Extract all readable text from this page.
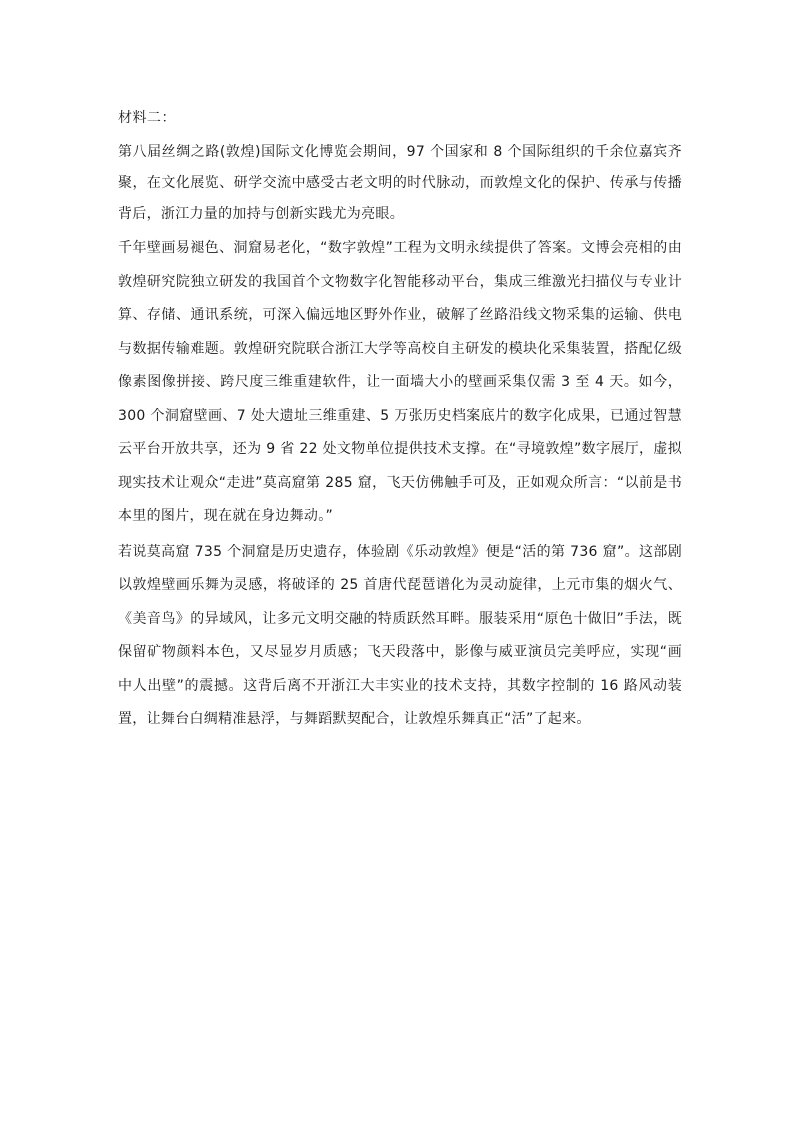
材料二：

第八届丝绸之路(敦煌)国际文化博览会期间，97 个国家和 8 个国际组织的千余位嘉宾齐聚，在文化展览、研学交流中感受古老文明的时代脉动，而敦煌文化的保护、传承与传播背后，浙江力量的加持与创新实践尤为亮眼。

千年壁画易褪色、洞窟易老化，“数字敦煌”工程为文明永续提供了答案。文博会亮相的由敦煌研究院独立研发的我国首个文物数字化智能移动平台，集成三维激光扫描仪与专业计算、存储、通讯系统，可深入偏远地区野外作业，破解了丝路沿线文物采集的运输、供电与数据传输难题。敦煌研究院联合浙江大学等高校自主研发的模块化采集装置，搭配亿级像素图像拼接、跨尺度三维重建软件，让一面墙大小的壁画采集仅需 3 至 4 天。如今，300 个洞窟壁画、7 处大遗址三维重建、5 万张历史档案底片的数字化成果，已通过智慧云平台开放共享，还为 9 省 22 处文物单位提供技术支撑。在“寻境敦煌”数字展厅，虚拟现实技术让观众“走进”莫高窟第 285 窟，飞天仿佛触手可及，正如观众所言：“以前是书本里的图片，现在就在身边舞动。”

若说莫高窟 735 个洞窟是历史遗存，体验剧《乐动敦煌》便是“活的第 736 窟”。这部剧以敦煌壁画乐舞为灵感，将破译的 25 首唐代琵琶谱化为灵动旋律，上元市集的烟火气、《美音鸟》的异域风，让多元文明交融的特质跃然耳畔。服装采用“原色十做旧”手法，既保留矿物颜料本色，又尽显岁月质感；飞天段落中，影像与威亚演员完美呼应，实现“画中人出壁”的震撼。这背后离不开浙江大丰实业的技术支持，其数字控制的 16 路风动装置，让舞台白绸精准悬浮，与舞蹈默契配合，让敦煌乐舞真正“活”了起来。
